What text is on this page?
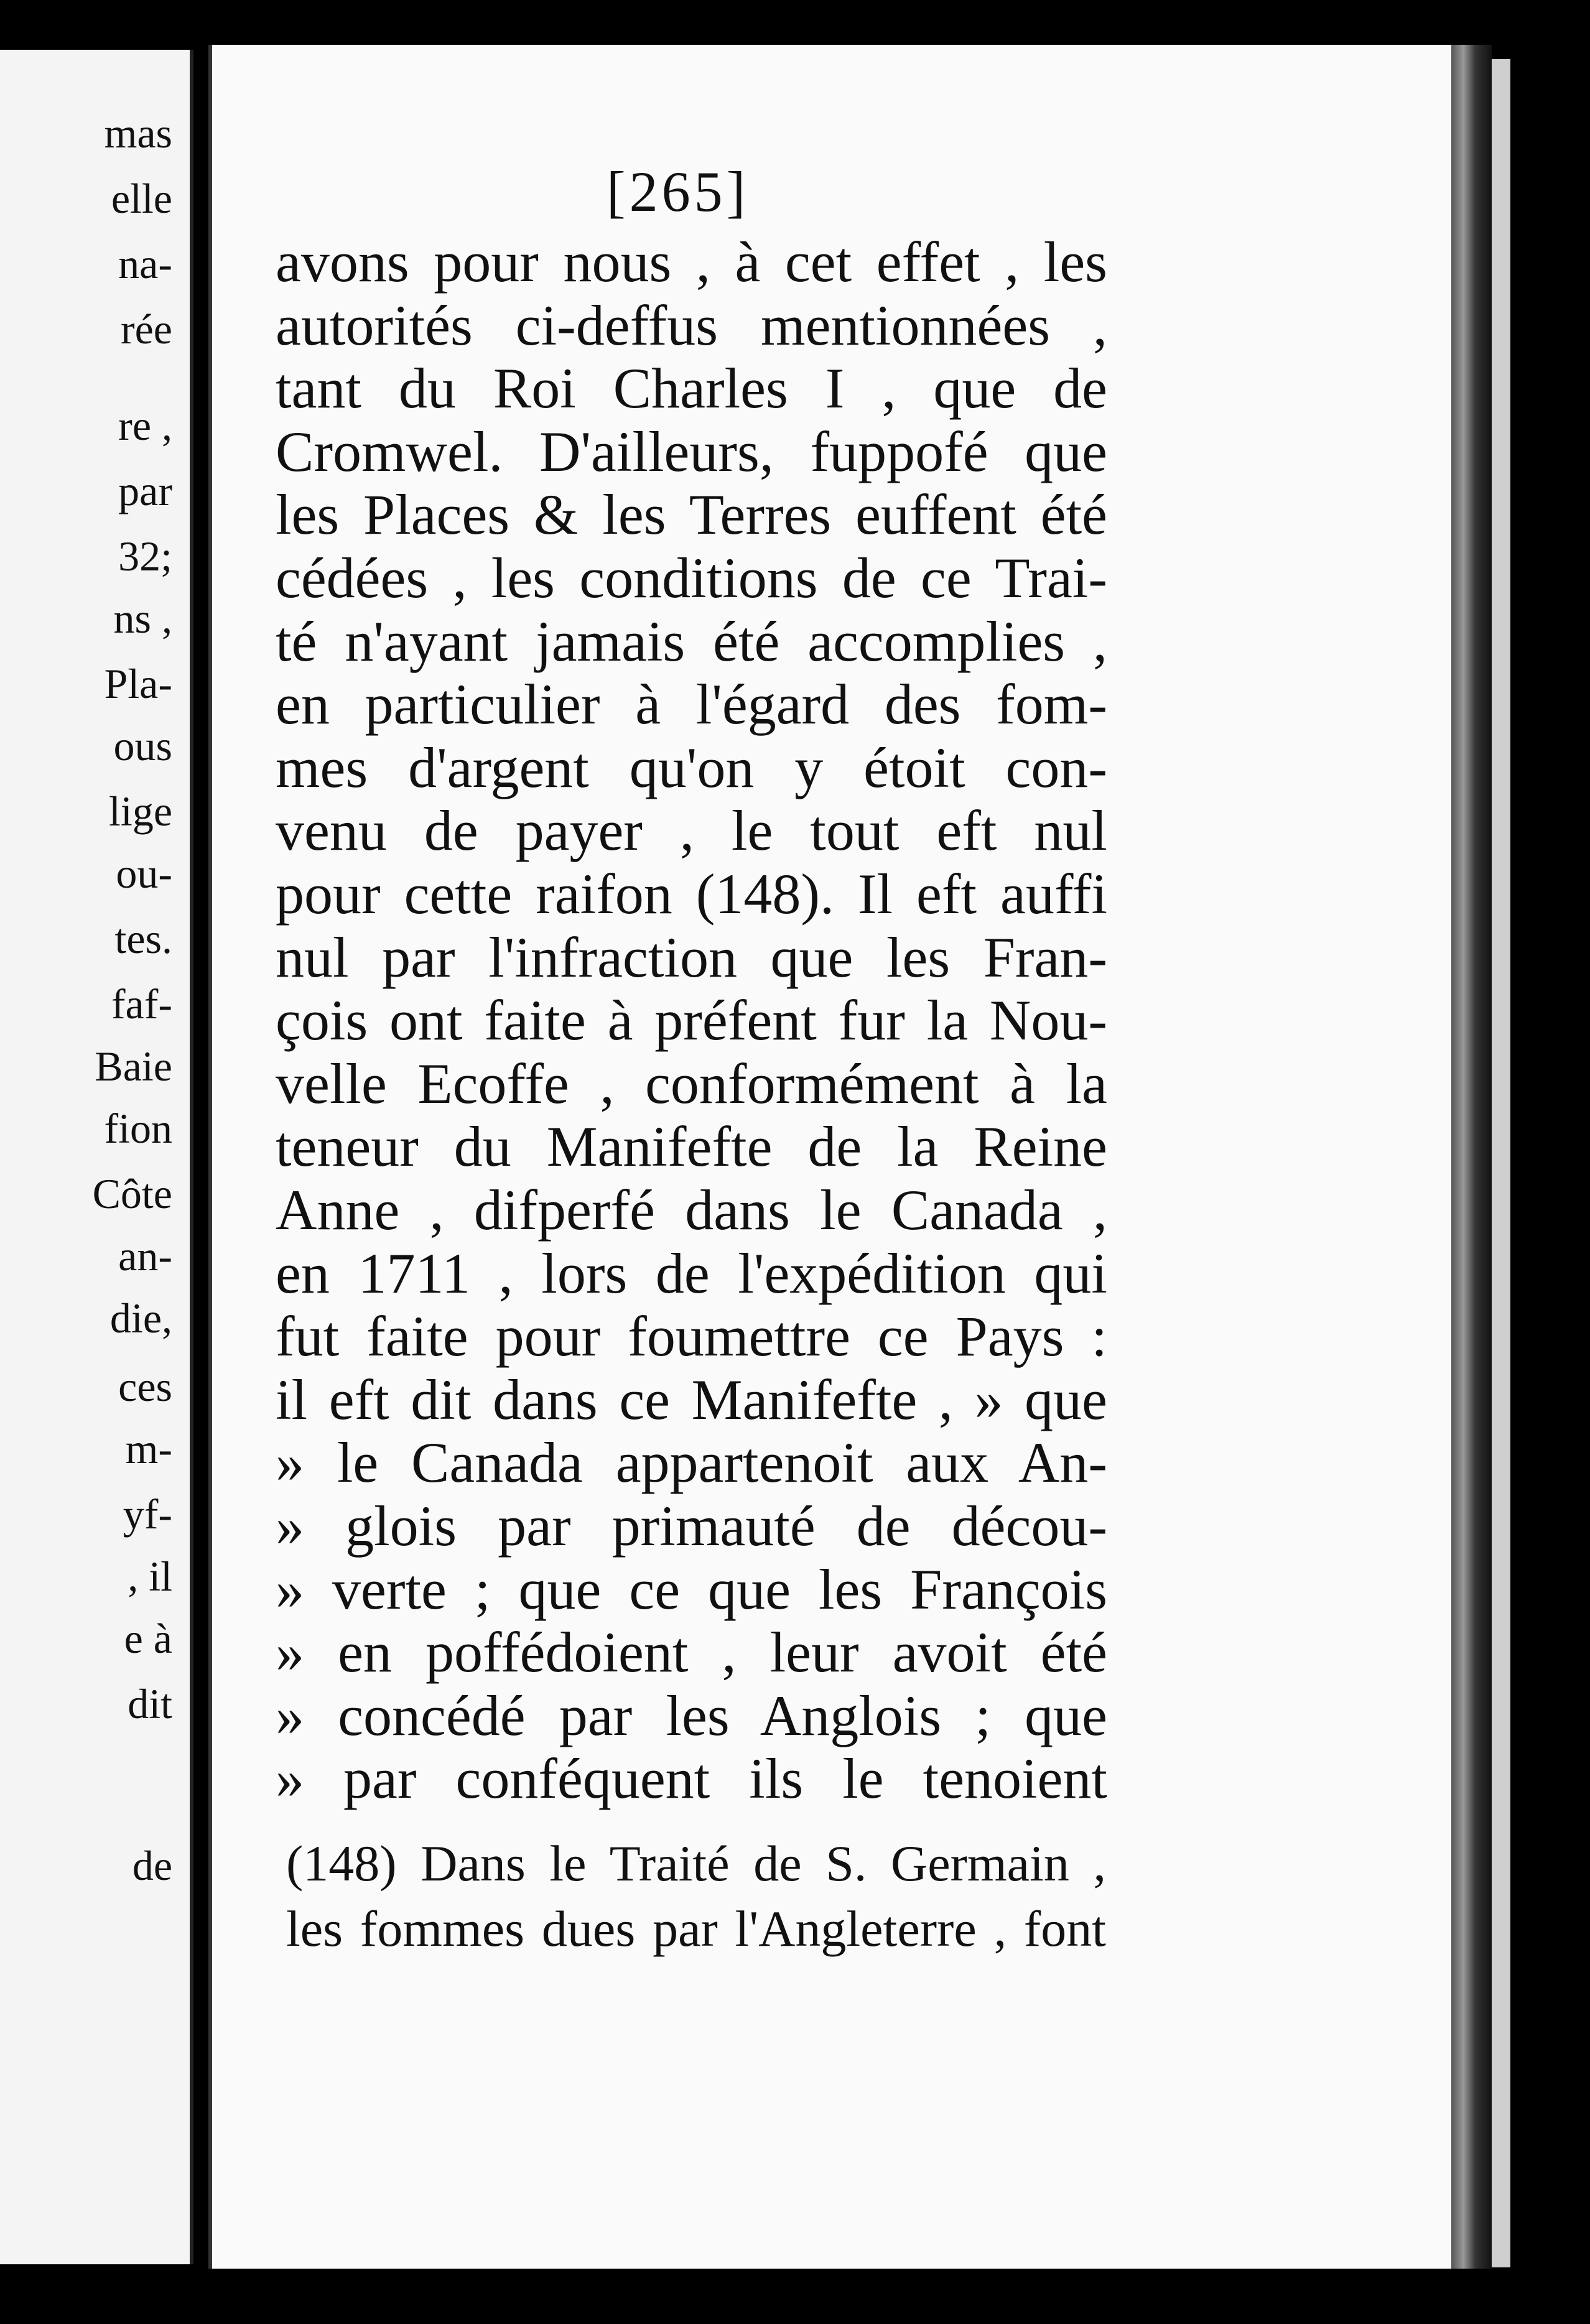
mas
elle
na-
rée
re ,
par
32;
ns ,
Pla-
ous
lige
ou-
tes.
faf-
Baie
fion
Côte
an-
die,
ces
m-
yf-
, il
e à
dit
de
[265]
avons pour nous , à cet effet , les
autorités ci-deffus mentionnées ,
tant du Roi Charles I , que de
Cromwel. D'ailleurs, fuppofé que
les Places & les Terres euffent été
cédées , les conditions de ce Trai-
té n'ayant jamais été accomplies ,
en particulier à l'égard des fom-
mes d'argent qu'on y étoit con-
venu de payer , le tout eft nul
pour cette raifon (148). Il eft auffi
nul par l'infraction que les Fran-
çois ont faite à préfent fur la Nou-
velle Ecoffe , conformément à la
teneur du Manifefte de la Reine
Anne , difperfé dans le Canada ,
en 1711 , lors de l'expédition qui
fut faite pour foumettre ce Pays :
il eft dit dans ce Manifefte , » que
» le Canada appartenoit aux An-
» glois par primauté de décou-
» verte ; que ce que les François
» en poffédoient , leur avoit été
» concédé par les Anglois ; que
» par conféquent ils le tenoient
(148) Dans le Traité de S. Germain ,
les fommes dues par l'Angleterre , font
